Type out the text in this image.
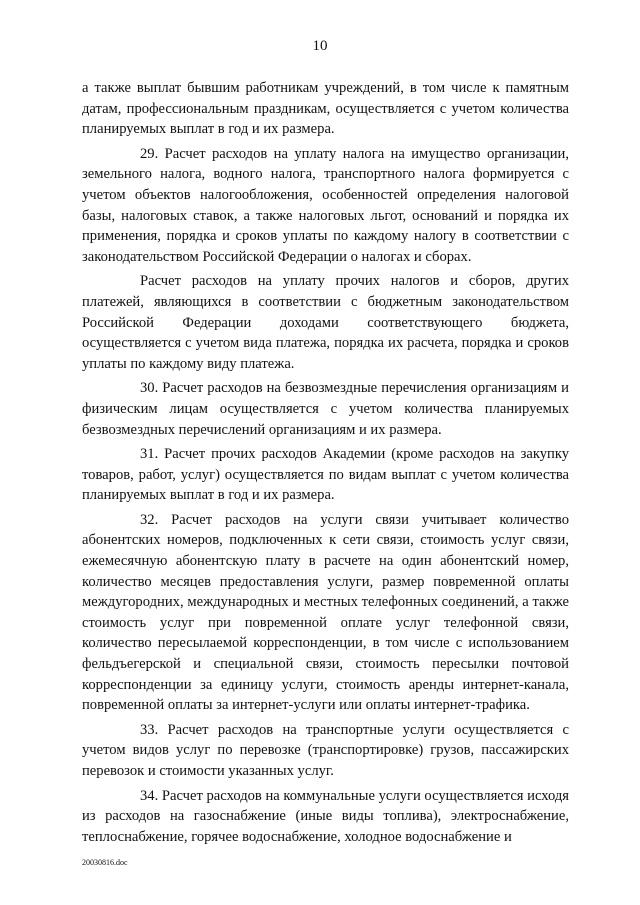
10

а также выплат бывшим работникам учреждений, в том числе к памятным датам, профессиональным праздникам, осуществляется с учетом количества планируемых выплат в год и их размера.

29. Расчет расходов на уплату налога на имущество организации, земельного налога, водного налога, транспортного налога формируется с учетом объектов налогообложения, особенностей определения налоговой базы, налоговых ставок, а также налоговых льгот, оснований и порядка их применения, порядка и сроков уплаты по каждому налогу в соответствии с законодательством Российской Федерации о налогах и сборах.

Расчет расходов на уплату прочих налогов и сборов, других платежей, являющихся в соответствии с бюджетным законодательством Российской Федерации доходами соответствующего бюджета, осуществляется с учетом вида платежа, порядка их расчета, порядка и сроков уплаты по каждому виду платежа.

30. Расчет расходов на безвозмездные перечисления организациям и физическим лицам осуществляется с учетом количества планируемых безвозмездных перечислений организациям и их размера.

31. Расчет прочих расходов Академии (кроме расходов на закупку товаров, работ, услуг) осуществляется по видам выплат с учетом количества планируемых выплат в год и их размера.

32. Расчет расходов на услуги связи учитывает количество абонентских номеров, подключенных к сети связи, стоимость услуг связи, ежемесячную абонентскую плату в расчете на один абонентский номер, количество месяцев предоставления услуги, размер повременной оплаты междугородних, международных и местных телефонных соединений, а также стоимость услуг при повременной оплате услуг телефонной связи, количество пересылаемой корреспонденции, в том числе с использованием фельдъегерской и специальной связи, стоимость пересылки почтовой корреспонденции за единицу услуги, стоимость аренды интернет-канала, повременной оплаты за интернет-услуги или оплаты интернет-трафика.

33. Расчет расходов на транспортные услуги осуществляется с учетом видов услуг по перевозке (транспортировке) грузов, пассажирских перевозок и стоимости указанных услуг.

34. Расчет расходов на коммунальные услуги осуществляется исходя из расходов на газоснабжение (иные виды топлива), электроснабжение, теплоснабжение, горячее водоснабжение, холодное водоснабжение и

20030816.doc
